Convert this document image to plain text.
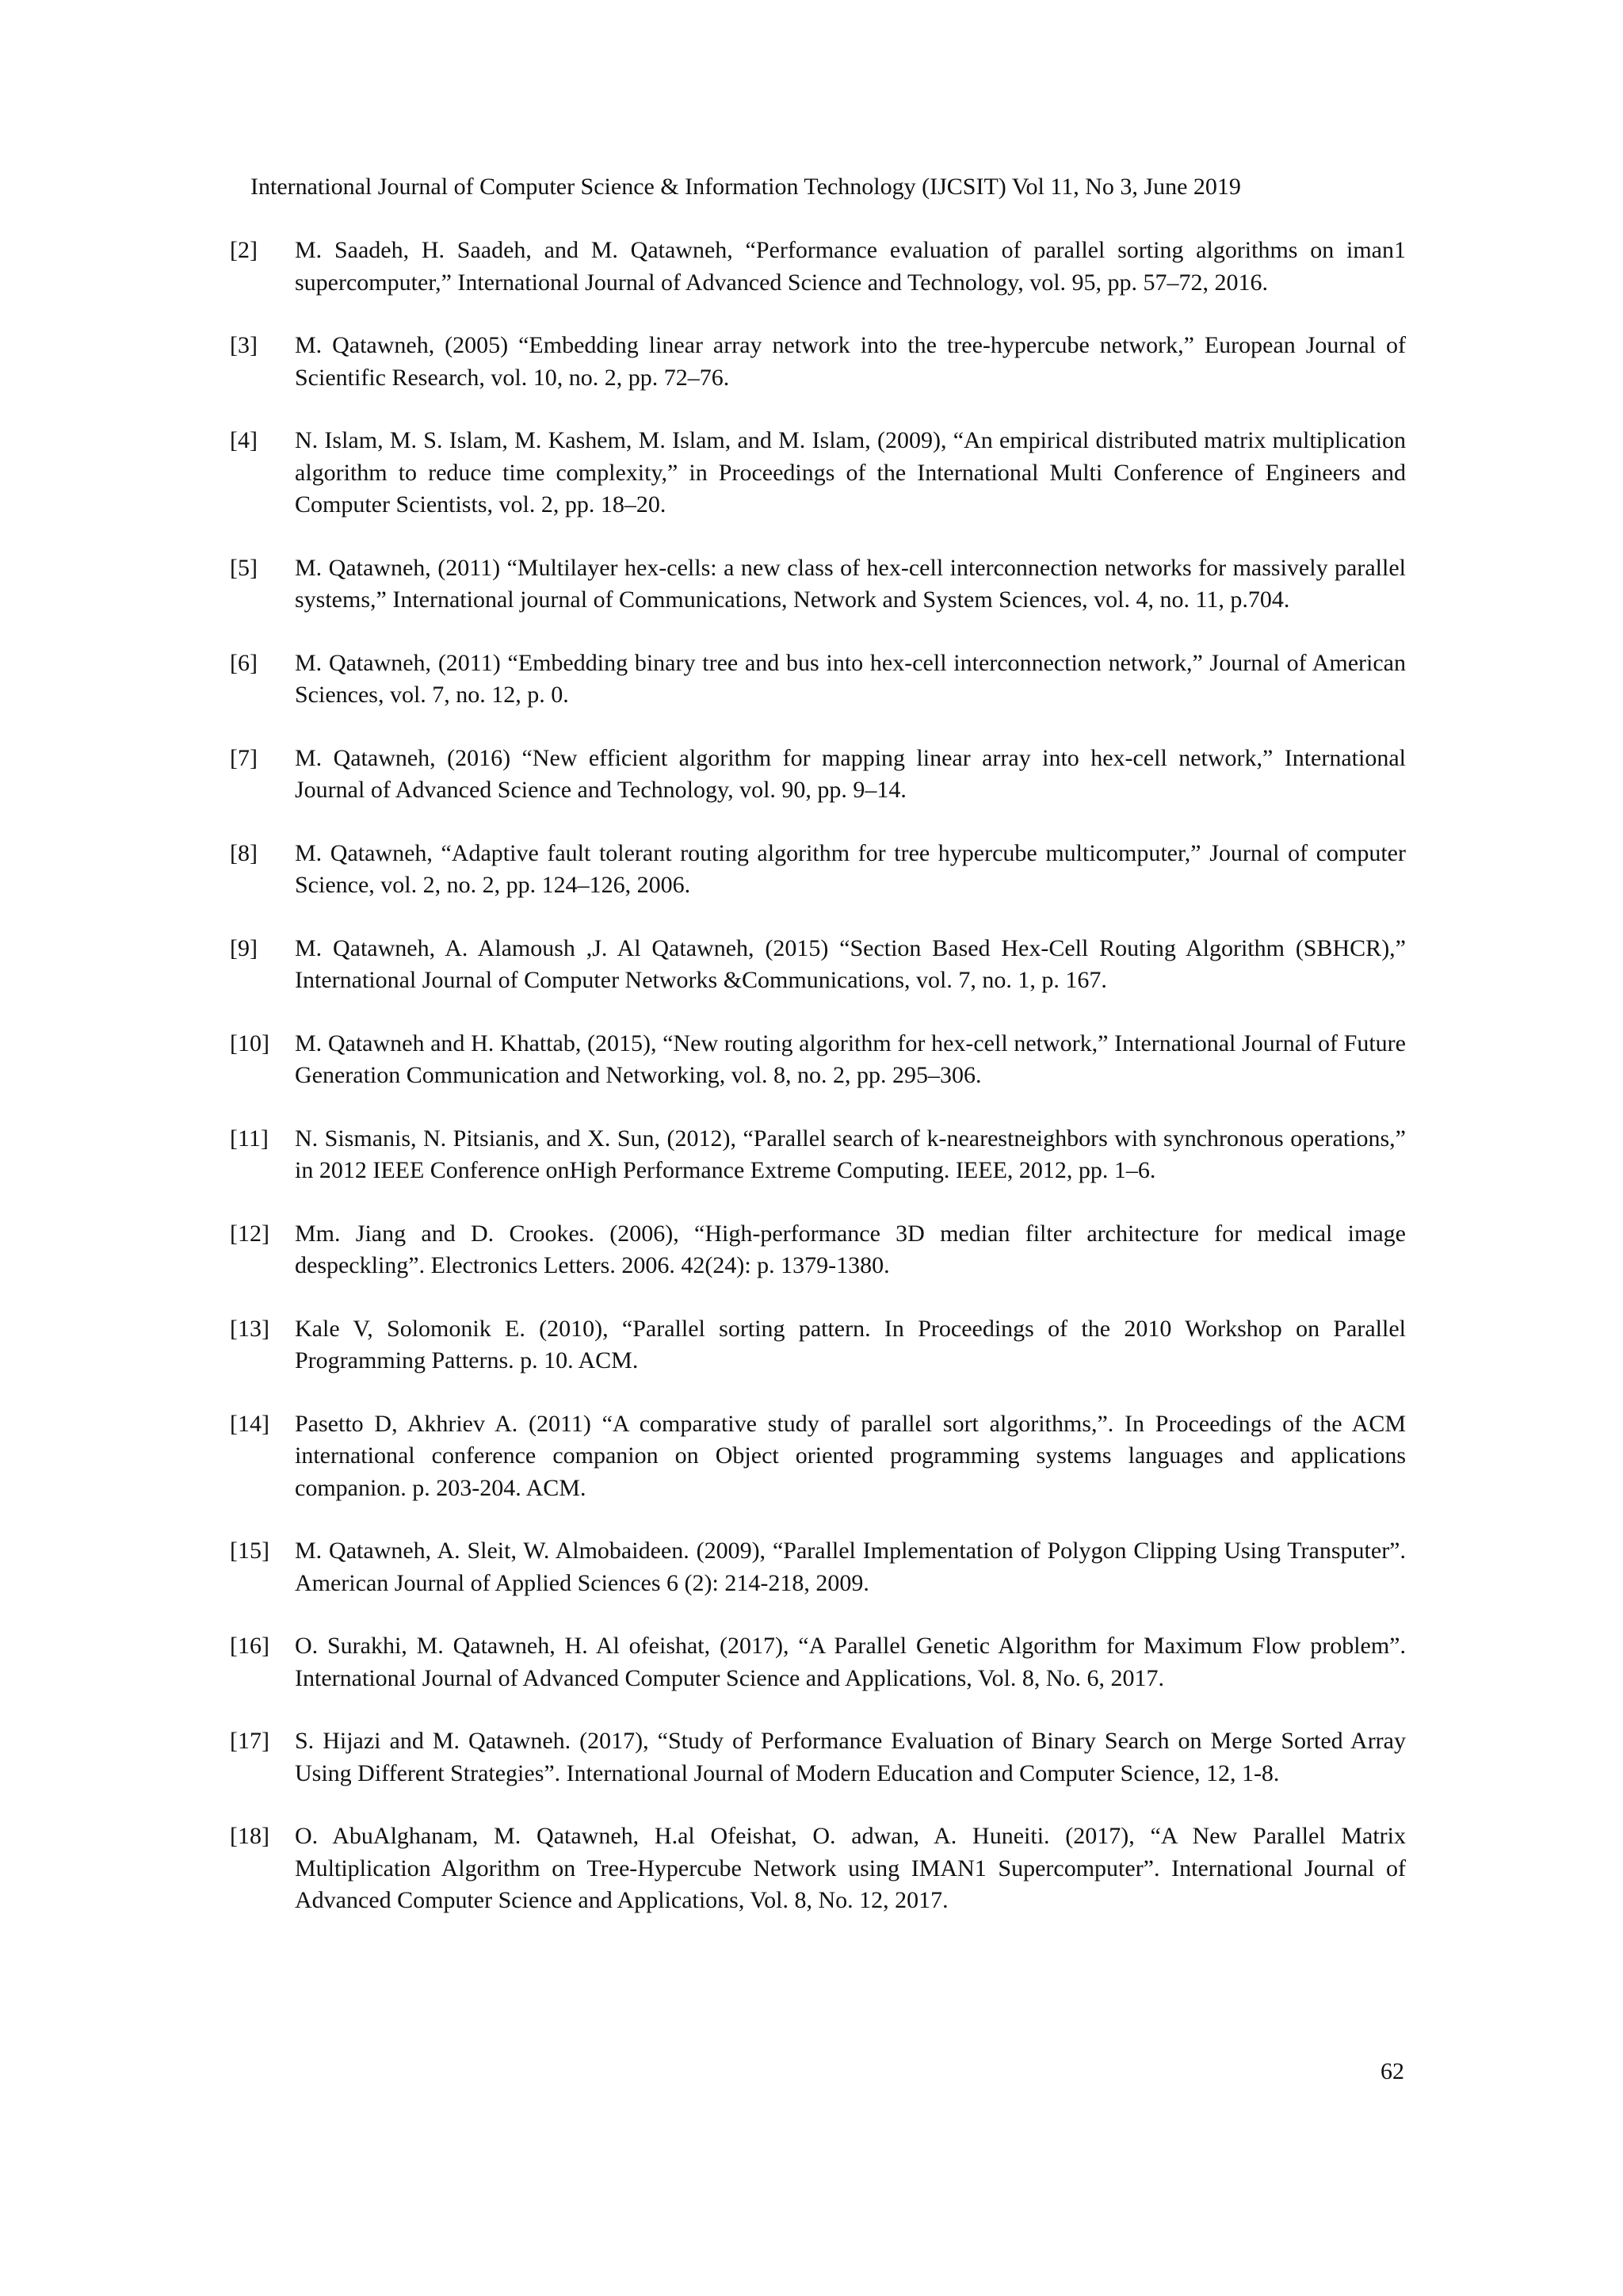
International Journal of Computer Science & Information Technology (IJCSIT) Vol 11, No 3, June 2019
[2]	M. Saadeh, H. Saadeh, and M. Qatawneh, “Performance evaluation of parallel sorting algorithms on iman1 supercomputer,” International Journal of Advanced Science and Technology, vol. 95, pp. 57–72, 2016.
[3]	M. Qatawneh, (2005) “Embedding linear array network into the tree-hypercube network,” European Journal of Scientific Research, vol. 10, no. 2, pp. 72–76.
[4]	N. Islam, M. S. Islam, M. Kashem, M. Islam, and M. Islam, (2009), “An empirical distributed matrix multiplication algorithm to reduce time complexity,” in Proceedings of the International Multi Conference of Engineers and Computer Scientists, vol. 2, pp. 18–20.
[5]	M. Qatawneh, (2011) “Multilayer hex-cells: a new class of hex-cell interconnection networks for massively parallel systems,” International journal of Communications, Network and System Sciences, vol. 4, no. 11, p.704.
[6]	M. Qatawneh, (2011) “Embedding binary tree and bus into hex-cell interconnection network,” Journal of American Sciences, vol. 7, no. 12, p. 0.
[7]	M. Qatawneh, (2016) “New efficient algorithm for mapping linear array into hex-cell network,” International Journal of Advanced Science and Technology, vol. 90, pp. 9–14.
[8]	M. Qatawneh, “Adaptive fault tolerant routing algorithm for tree hypercube multicomputer,” Journal of computer Science, vol. 2, no. 2, pp. 124–126, 2006.
[9]	M. Qatawneh, A. Alamoush ,J. Al Qatawneh, (2015) “Section Based Hex-Cell Routing Algorithm (SBHCR),” International Journal of Computer Networks &Communications, vol. 7, no. 1, p. 167.
[10]	M. Qatawneh and H. Khattab, (2015), “New routing algorithm for hex-cell network,” International Journal of Future Generation Communication and Networking, vol. 8, no. 2, pp. 295–306.
[11]	N. Sismanis, N. Pitsianis, and X. Sun, (2012), “Parallel search of k-nearestneighbors with synchronous operations,” in 2012 IEEE Conference onHigh Performance Extreme Computing. IEEE, 2012, pp. 1–6.
[12]	Mm. Jiang and D. Crookes. (2006), “High-performance 3D median filter architecture for medical image despeckling”. Electronics Letters. 2006. 42(24): p. 1379-1380.
[13]	Kale V, Solomonik E. (2010), “Parallel sorting pattern. In Proceedings of the 2010 Workshop on Parallel Programming Patterns. p. 10. ACM.
[14]	Pasetto D, Akhriev A. (2011) “A comparative study of parallel sort algorithms,”. In Proceedings of the ACM international conference companion on Object oriented programming systems languages and applications companion. p. 203-204. ACM.
[15]	M. Qatawneh, A. Sleit, W. Almobaideen. (2009), “Parallel Implementation of Polygon Clipping Using Transputer”. American Journal of Applied Sciences 6 (2): 214-218, 2009.
[16]	O. Surakhi, M. Qatawneh, H. Al ofeishat, (2017), “A Parallel Genetic Algorithm for Maximum Flow problem”. International Journal of Advanced Computer Science and Applications, Vol. 8, No. 6, 2017.
[17]	S. Hijazi and M. Qatawneh. (2017), “Study of Performance Evaluation of Binary Search on Merge Sorted Array Using Different Strategies”. International Journal of Modern Education and Computer Science, 12, 1-8.
[18]	O. AbuAlghanam, M. Qatawneh, H.al Ofeishat, O. adwan, A. Huneiti. (2017), “A New Parallel Matrix Multiplication Algorithm on Tree-Hypercube Network using IMAN1 Supercomputer”. International Journal of Advanced Computer Science and Applications, Vol. 8, No. 12, 2017.
62
